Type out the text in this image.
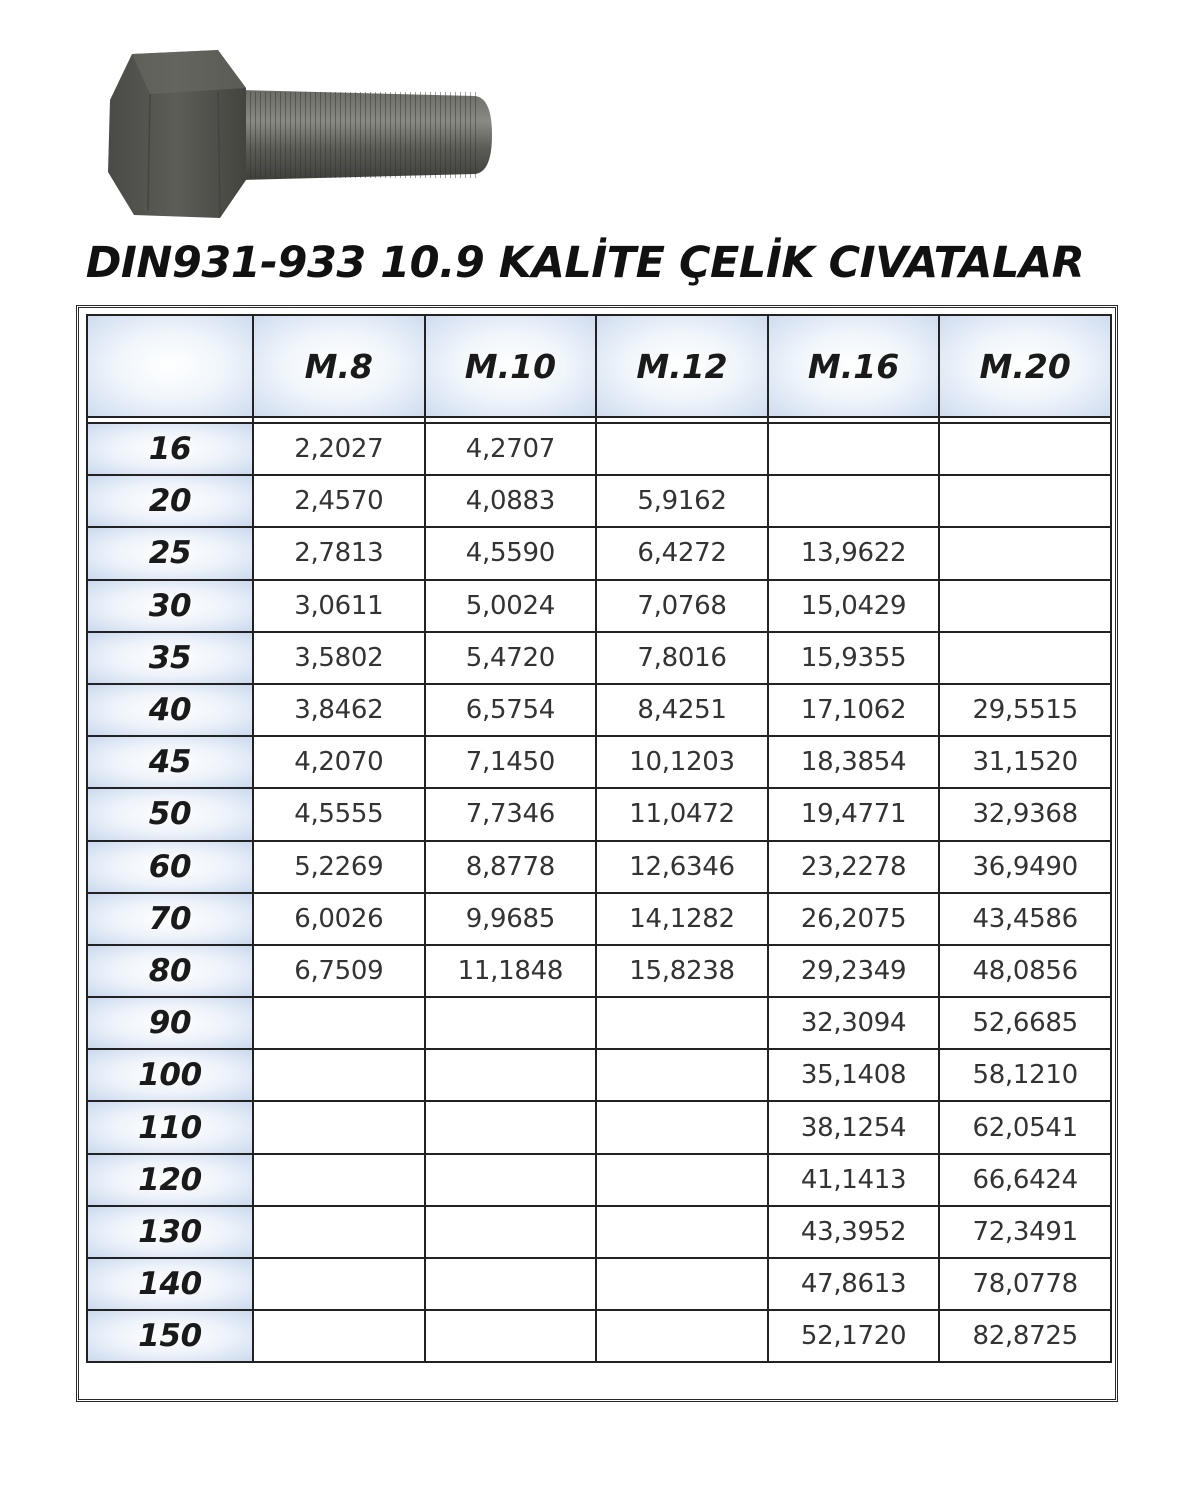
DIN931-933 10.9 KALİTE ÇELİK CIVATALAR
	M.8	M.10	M.12	M.16	M.20

16	2,2027	4,2707			
20	2,4570	4,0883	5,9162		
25	2,7813	4,5590	6,4272	13,9622	
30	3,0611	5,0024	7,0768	15,0429	
35	3,5802	5,4720	7,8016	15,9355	
40	3,8462	6,5754	8,4251	17,1062	29,5515
45	4,2070	7,1450	10,1203	18,3854	31,1520
50	4,5555	7,7346	11,0472	19,4771	32,9368
60	5,2269	8,8778	12,6346	23,2278	36,9490
70	6,0026	9,9685	14,1282	26,2075	43,4586
80	6,7509	11,1848	15,8238	29,2349	48,0856
90				32,3094	52,6685
100				35,1408	58,1210
110				38,1254	62,0541
120				41,1413	66,6424
130				43,3952	72,3491
140				47,8613	78,0778
150				52,1720	82,8725
